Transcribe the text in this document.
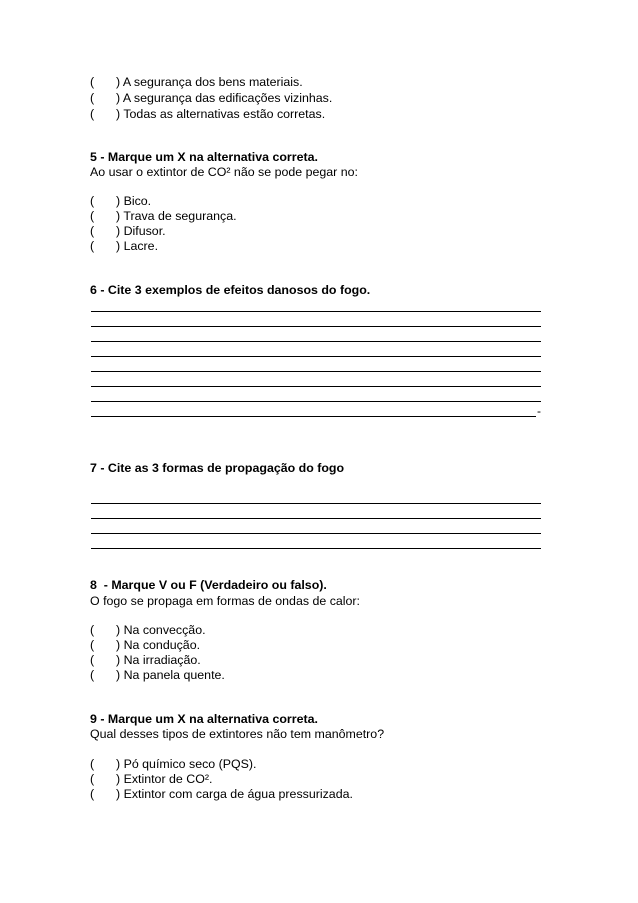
(	) A segurança dos bens materiais.
(	) A segurança das edificações vizinhas.
(	) Todas as alternativas estão corretas.
5 - Marque um X na alternativa correta.
Ao usar o extintor de CO² não se pode pegar no:
(	) Bico.
(	) Trava de segurança.
(	) Difusor.
(	) Lacre.
6 - Cite 3 exemplos de efeitos danosos do fogo.
-
7 - Cite as 3 formas de propagação do fogo
8  - Marque V ou F (Verdadeiro ou falso).
O fogo se propaga em formas de ondas de calor:
(	) Na convecção.
(	) Na condução.
(	) Na irradiação.
(	) Na panela quente.
9 - Marque um X na alternativa correta.
Qual desses tipos de extintores não tem manômetro?
(	) Pó químico seco (PQS).
(	) Extintor de CO².
(	) Extintor com carga de água pressurizada.
